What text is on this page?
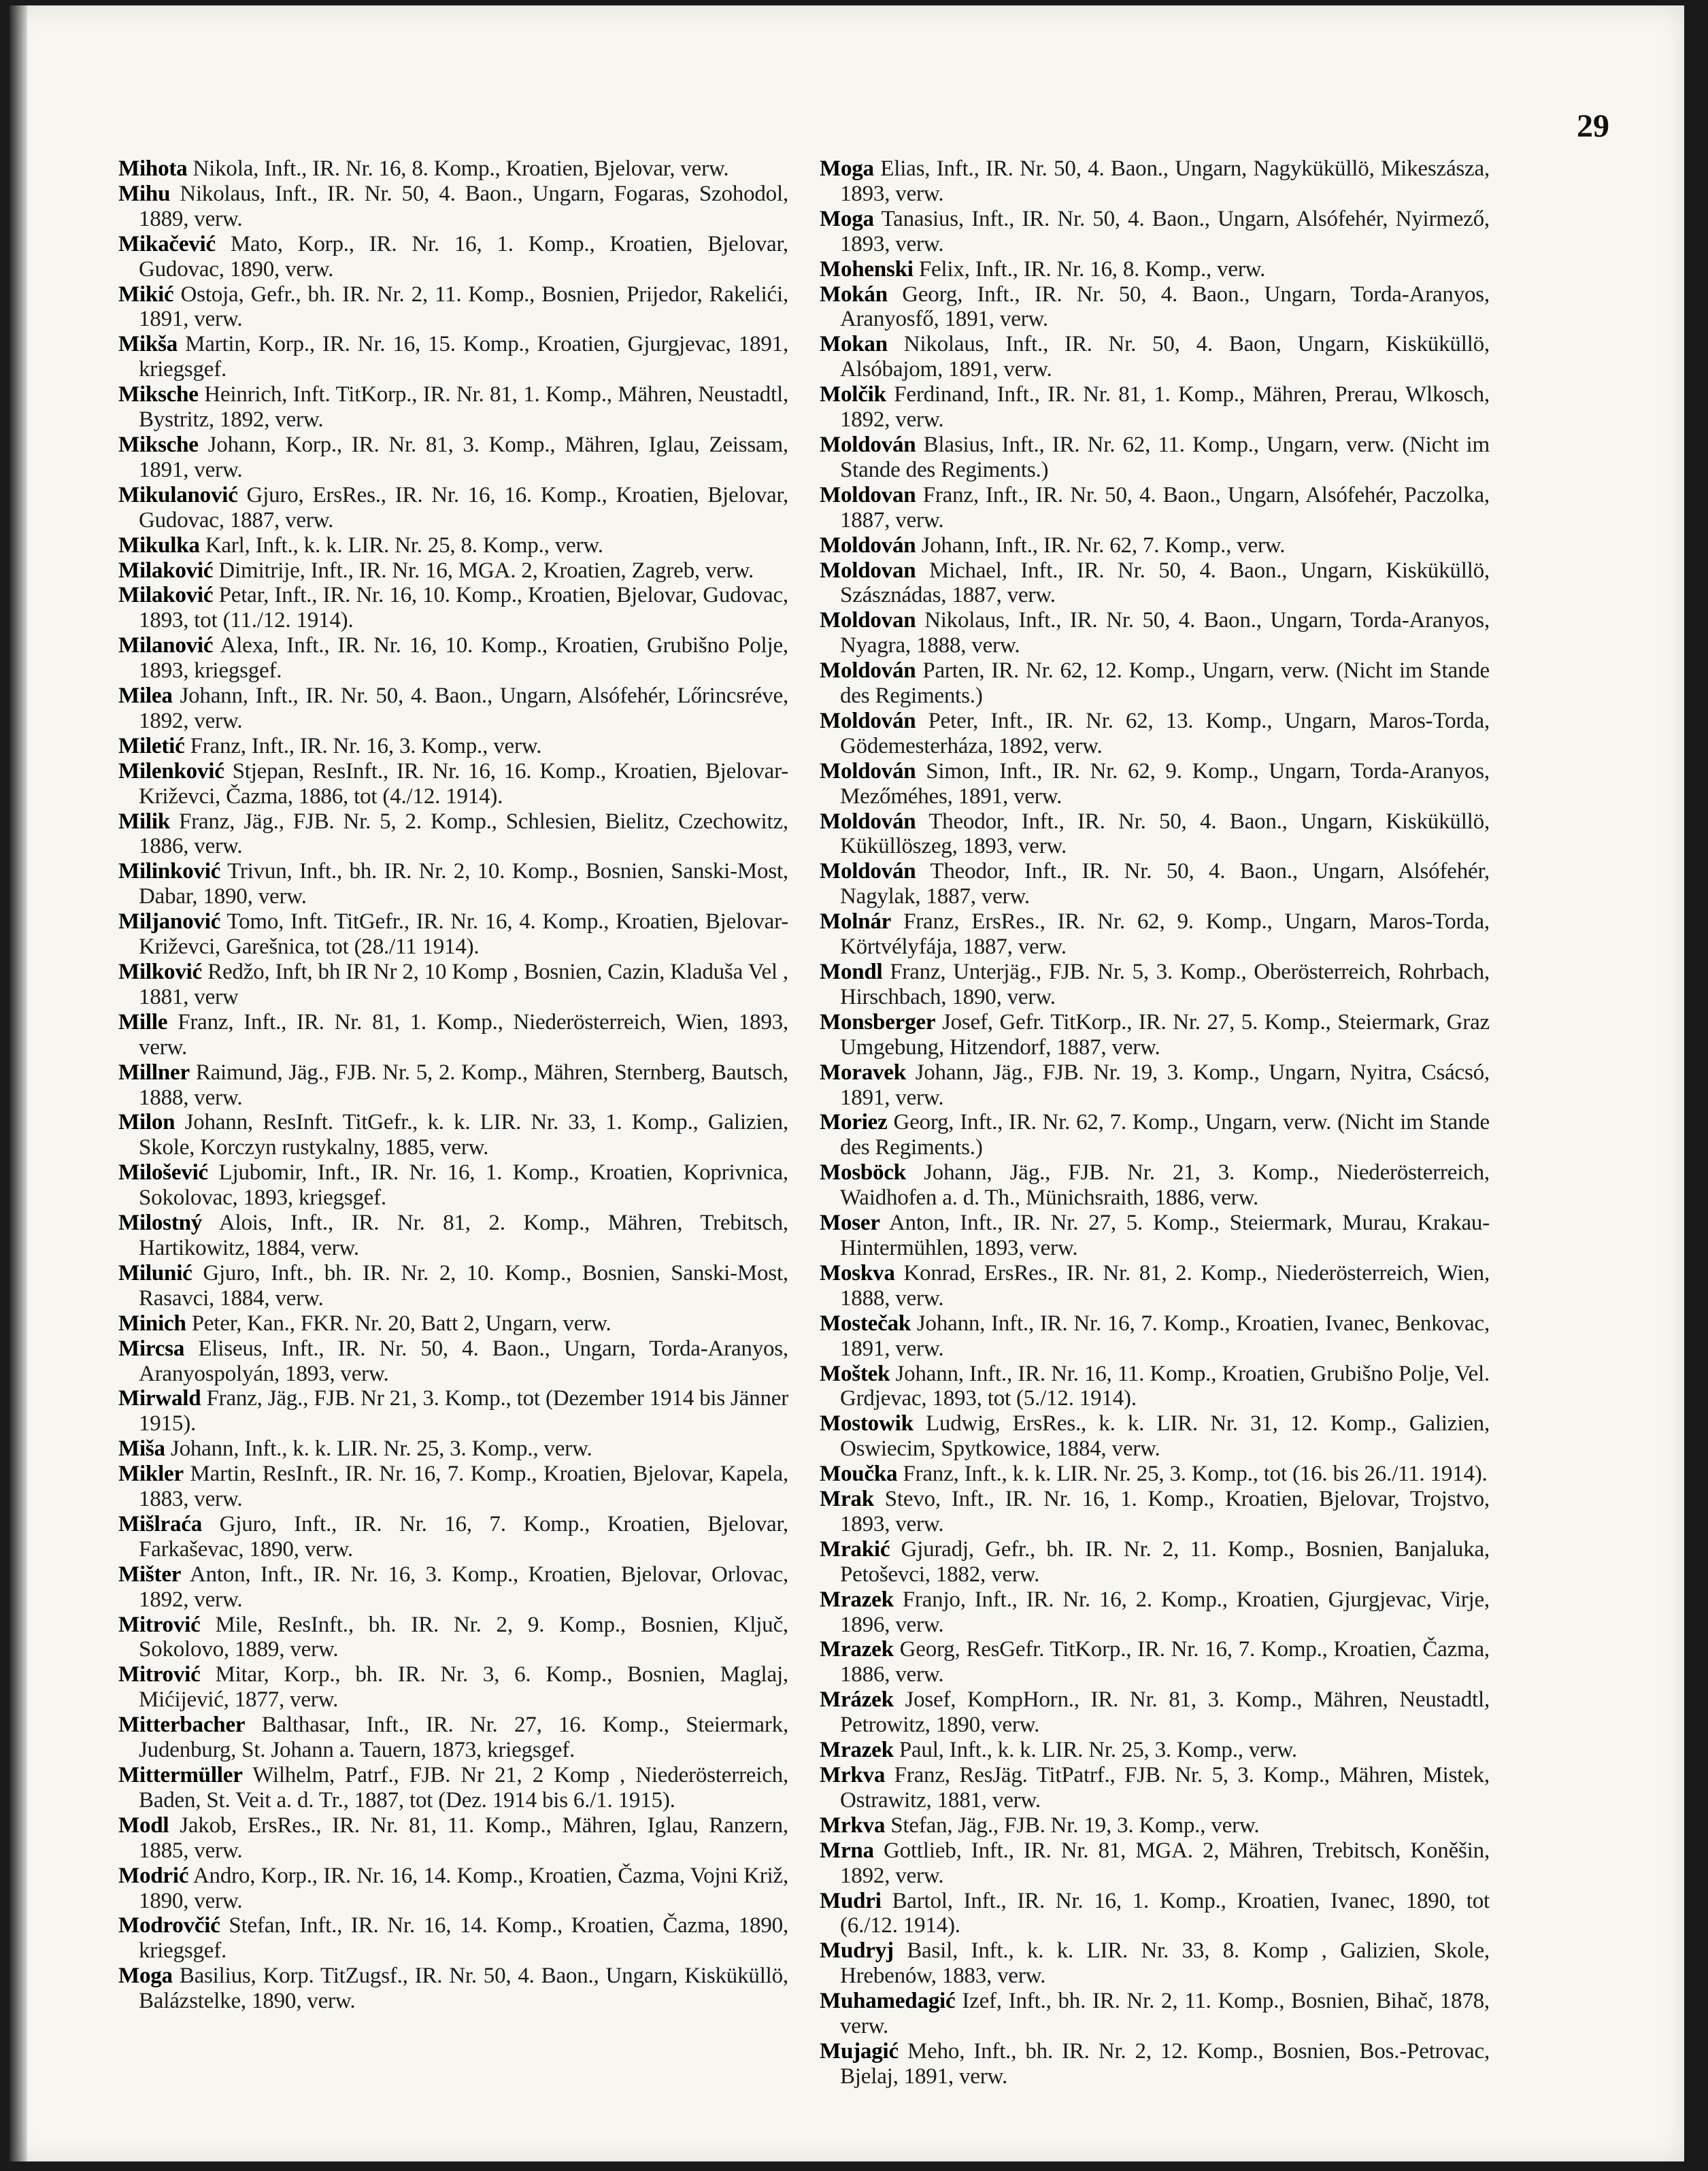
29

Mihota Nikola, Inft., IR. Nr. 16, 8. Komp., Kroatien, Bjelovar, verw.

Mihu Nikolaus, Inft., IR. Nr. 50, 4. Baon., Ungarn, Fogaras, Szohodol, 1889, verw.

Mikačević Mato, Korp., IR. Nr. 16, 1. Komp., Kroatien, Bjelovar, Gudovac, 1890, verw.

Mikić Ostoja, Gefr., bh. IR. Nr. 2, 11. Komp., Bosnien, Prijedor, Rakelići, 1891, verw.

Mikša Martin, Korp., IR. Nr. 16, 15. Komp., Kroatien, Gjurgjevac, 1891, kriegsgef.

Miksche Heinrich, Inft. TitKorp., IR. Nr. 81, 1. Komp., Mähren, Neustadtl, Bystritz, 1892, verw.

Miksche Johann, Korp., IR. Nr. 81, 3. Komp., Mähren, Iglau, Zeissam, 1891, verw.

Mikulanović Gjuro, ErsRes., IR. Nr. 16, 16. Komp., Kroatien, Bjelovar, Gudovac, 1887, verw.

Mikulka Karl, Inft., k. k. LIR. Nr. 25, 8. Komp., verw.

Milaković Dimitrije, Inft., IR. Nr. 16, MGA. 2, Kroatien, Zagreb, verw.

Milaković Petar, Inft., IR. Nr. 16, 10. Komp., Kroatien, Bjelovar, Gudovac, 1893, tot (11./12. 1914).

Milanović Alexa, Inft., IR. Nr. 16, 10. Komp., Kroatien, Grubišno Polje, 1893, kriegsgef.

Milea Johann, Inft., IR. Nr. 50, 4. Baon., Ungarn, Alsófehér, Lőrincsréve, 1892, verw.

Miletić Franz, Inft., IR. Nr. 16, 3. Komp., verw.

Milenković Stjepan, ResInft., IR. Nr. 16, 16. Komp., Kroatien, Bjelovar-Križevci, Čazma, 1886, tot (4./12. 1914).

Milik Franz, Jäg., FJB. Nr. 5, 2. Komp., Schlesien, Bielitz, Czechowitz, 1886, verw.

Milinković Trivun, Inft., bh. IR. Nr. 2, 10. Komp., Bosnien, Sanski-Most, Dabar, 1890, verw.

Miljanović Tomo, Inft. TitGefr., IR. Nr. 16, 4. Komp., Kroatien, Bjelovar-Križevci, Garešnica, tot (28./11 1914).

Milković Redžo, Inft, bh IR Nr 2, 10 Komp , Bosnien, Cazin, Kladuša Vel , 1881, verw

Mille Franz, Inft., IR. Nr. 81, 1. Komp., Niederösterreich, Wien, 1893, verw.

Millner Raimund, Jäg., FJB. Nr. 5, 2. Komp., Mähren, Sternberg, Bautsch, 1888, verw.

Milon Johann, ResInft. TitGefr., k. k. LIR. Nr. 33, 1. Komp., Galizien, Skole, Korczyn rustykalny, 1885, verw.

Milošević Ljubomir, Inft., IR. Nr. 16, 1. Komp., Kroatien, Koprivnica, Sokolovac, 1893, kriegsgef.

Milostný Alois, Inft., IR. Nr. 81, 2. Komp., Mähren, Trebitsch, Hartikowitz, 1884, verw.

Milunić Gjuro, Inft., bh. IR. Nr. 2, 10. Komp., Bosnien, Sanski-Most, Rasavci, 1884, verw.

Minich Peter, Kan., FKR. Nr. 20, Batt 2, Ungarn, verw.

Mircsa Eliseus, Inft., IR. Nr. 50, 4. Baon., Ungarn, Torda-Aranyos, Aranyospolyán, 1893, verw.

Mirwald Franz, Jäg., FJB. Nr 21, 3. Komp., tot (Dezember 1914 bis Jänner 1915).

Miša Johann, Inft., k. k. LIR. Nr. 25, 3. Komp., verw.

Mikler Martin, ResInft., IR. Nr. 16, 7. Komp., Kroatien, Bjelovar, Kapela, 1883, verw.

Mišlraća Gjuro, Inft., IR. Nr. 16, 7. Komp., Kroatien, Bjelovar, Farkaševac, 1890, verw.

Mišter Anton, Inft., IR. Nr. 16, 3. Komp., Kroatien, Bjelovar, Orlovac, 1892, verw.

Mitrović Mile, ResInft., bh. IR. Nr. 2, 9. Komp., Bosnien, Ključ, Sokolovo, 1889, verw.

Mitrović Mitar, Korp., bh. IR. Nr. 3, 6. Komp., Bosnien, Maglaj, Mićijević, 1877, verw.

Mitterbacher Balthasar, Inft., IR. Nr. 27, 16. Komp., Steiermark, Judenburg, St. Johann a. Tauern, 1873, kriegsgef.

Mittermüller Wilhelm, Patrf., FJB. Nr 21, 2 Komp , Niederösterreich, Baden, St. Veit a. d. Tr., 1887, tot (Dez. 1914 bis 6./1. 1915).

Modl Jakob, ErsRes., IR. Nr. 81, 11. Komp., Mähren, Iglau, Ranzern, 1885, verw.

Modrić Andro, Korp., IR. Nr. 16, 14. Komp., Kroatien, Čazma, Vojni Križ, 1890, verw.

Modrovčić Stefan, Inft., IR. Nr. 16, 14. Komp., Kroatien, Čazma, 1890, kriegsgef.

Moga Basilius, Korp. TitZugsf., IR. Nr. 50, 4. Baon., Ungarn, Kisküküllö, Balázstelke, 1890, verw.

Moga Elias, Inft., IR. Nr. 50, 4. Baon., Ungarn, Nagyküküllö, Mikeszásza, 1893, verw.

Moga Tanasius, Inft., IR. Nr. 50, 4. Baon., Ungarn, Alsófehér, Nyirmező, 1893, verw.

Mohenski Felix, Inft., IR. Nr. 16, 8. Komp., verw.

Mokán Georg, Inft., IR. Nr. 50, 4. Baon., Ungarn, Torda-Aranyos, Aranyosfő, 1891, verw.

Mokan Nikolaus, Inft., IR. Nr. 50, 4. Baon, Ungarn, Kisküküllö, Alsóbajom, 1891, verw.

Molčik Ferdinand, Inft., IR. Nr. 81, 1. Komp., Mähren, Prerau, Wlkosch, 1892, verw.

Moldován Blasius, Inft., IR. Nr. 62, 11. Komp., Ungarn, verw. (Nicht im Stande des Regiments.)

Moldovan Franz, Inft., IR. Nr. 50, 4. Baon., Ungarn, Alsófehér, Paczolka, 1887, verw.

Moldován Johann, Inft., IR. Nr. 62, 7. Komp., verw.

Moldovan Michael, Inft., IR. Nr. 50, 4. Baon., Ungarn, Kisküküllö, Szásznádas, 1887, verw.

Moldovan Nikolaus, Inft., IR. Nr. 50, 4. Baon., Ungarn, Torda-Aranyos, Nyagra, 1888, verw.

Moldován Parten, IR. Nr. 62, 12. Komp., Ungarn, verw. (Nicht im Stande des Regiments.)

Moldován Peter, Inft., IR. Nr. 62, 13. Komp., Ungarn, Maros-Torda, Gödemesterháza, 1892, verw.

Moldován Simon, Inft., IR. Nr. 62, 9. Komp., Ungarn, Torda-Aranyos, Mezőméhes, 1891, verw.

Moldován Theodor, Inft., IR. Nr. 50, 4. Baon., Ungarn, Kisküküllö, Küküllöszeg, 1893, verw.

Moldován Theodor, Inft., IR. Nr. 50, 4. Baon., Ungarn, Alsófehér, Nagylak, 1887, verw.

Molnár Franz, ErsRes., IR. Nr. 62, 9. Komp., Ungarn, Maros-Torda, Körtvélyfája, 1887, verw.

Mondl Franz, Unterjäg., FJB. Nr. 5, 3. Komp., Oberösterreich, Rohrbach, Hirschbach, 1890, verw.

Monsberger Josef, Gefr. TitKorp., IR. Nr. 27, 5. Komp., Steiermark, Graz Umgebung, Hitzendorf, 1887, verw.

Moravek Johann, Jäg., FJB. Nr. 19, 3. Komp., Ungarn, Nyitra, Csácsó, 1891, verw.

Moriez Georg, Inft., IR. Nr. 62, 7. Komp., Ungarn, verw. (Nicht im Stande des Regiments.)

Mosböck Johann, Jäg., FJB. Nr. 21, 3. Komp., Niederösterreich, Waidhofen a. d. Th., Münichsraith, 1886, verw.

Moser Anton, Inft., IR. Nr. 27, 5. Komp., Steiermark, Murau, Krakau-Hintermühlen, 1893, verw.

Moskva Konrad, ErsRes., IR. Nr. 81, 2. Komp., Niederösterreich, Wien, 1888, verw.

Mostečak Johann, Inft., IR. Nr. 16, 7. Komp., Kroatien, Ivanec, Benkovac, 1891, verw.

Moštek Johann, Inft., IR. Nr. 16, 11. Komp., Kroatien, Grubišno Polje, Vel. Grdjevac, 1893, tot (5./12. 1914).

Mostowik Ludwig, ErsRes., k. k. LIR. Nr. 31, 12. Komp., Galizien, Oswiecim, Spytkowice, 1884, verw.

Moučka Franz, Inft., k. k. LIR. Nr. 25, 3. Komp., tot (16. bis 26./11. 1914).

Mrak Stevo, Inft., IR. Nr. 16, 1. Komp., Kroatien, Bjelovar, Trojstvo, 1893, verw.

Mrakić Gjuradj, Gefr., bh. IR. Nr. 2, 11. Komp., Bosnien, Banjaluka, Petoševci, 1882, verw.

Mrazek Franjo, Inft., IR. Nr. 16, 2. Komp., Kroatien, Gjurgjevac, Virje, 1896, verw.

Mrazek Georg, ResGefr. TitKorp., IR. Nr. 16, 7. Komp., Kroatien, Čazma, 1886, verw.

Mrázek Josef, KompHorn., IR. Nr. 81, 3. Komp., Mähren, Neustadtl, Petrowitz, 1890, verw.

Mrazek Paul, Inft., k. k. LIR. Nr. 25, 3. Komp., verw.

Mrkva Franz, ResJäg. TitPatrf., FJB. Nr. 5, 3. Komp., Mähren, Mistek, Ostrawitz, 1881, verw.

Mrkva Stefan, Jäg., FJB. Nr. 19, 3. Komp., verw.

Mrna Gottlieb, Inft., IR. Nr. 81, MGA. 2, Mähren, Trebitsch, Koněšin, 1892, verw.

Mudri Bartol, Inft., IR. Nr. 16, 1. Komp., Kroatien, Ivanec, 1890, tot (6./12. 1914).

Mudryj Basil, Inft., k. k. LIR. Nr. 33, 8. Komp , Galizien, Skole, Hrebenów, 1883, verw.

Muhamedagić Izef, Inft., bh. IR. Nr. 2, 11. Komp., Bosnien, Bihač, 1878, verw.

Mujagić Meho, Inft., bh. IR. Nr. 2, 12. Komp., Bosnien, Bos.-Petrovac, Bjelaj, 1891, verw.
